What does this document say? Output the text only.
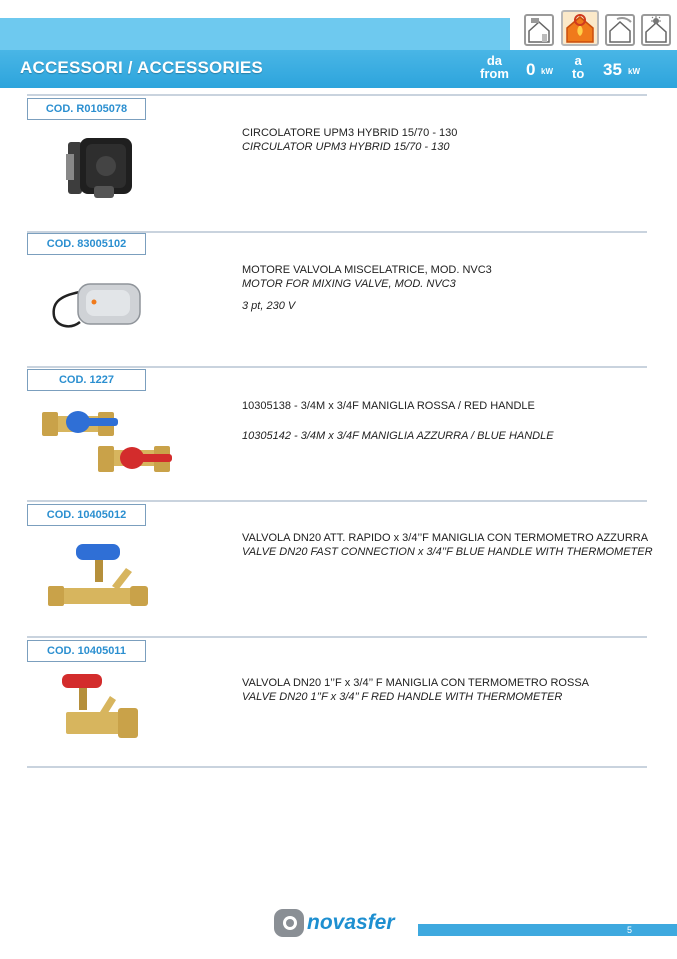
ACCESSORI / ACCESSORIES	da
from 0 kW
a
to 35 kW
COD. R0105078
CIRCOLATORE UPM3 HYBRID 15/70 - 130
CIRCULATOR UPM3 HYBRID 15/70 - 130
COD. 83005102
MOTORE VALVOLA MISCELATRICE, MOD. NVC3
MOTOR FOR MIXING VALVE, MOD. NVC3
3 pt, 230 V
COD. 1227
10305138 - 3/4M x 3/4F MANIGLIA ROSSA / RED HANDLE
10305142 - 3/4M x 3/4F MANIGLIA AZZURRA / BLUE HANDLE
COD. 10405012
VALVOLA DN20 ATT. RAPIDO x 3/4’’F MANIGLIA CON TERMOMETRO AZZURRA
VALVE DN20 FAST CONNECTION x 3/4’’F BLUE HANDLE WITH THERMOMETER
COD. 10405011
VALVOLA DN20 1’’F x 3/4’’ F MANIGLIA CON TERMOMETRO ROSSA
VALVE DN20 1’’F x 3/4’’ F RED HANDLE WITH THERMOMETER
novasfer	5
